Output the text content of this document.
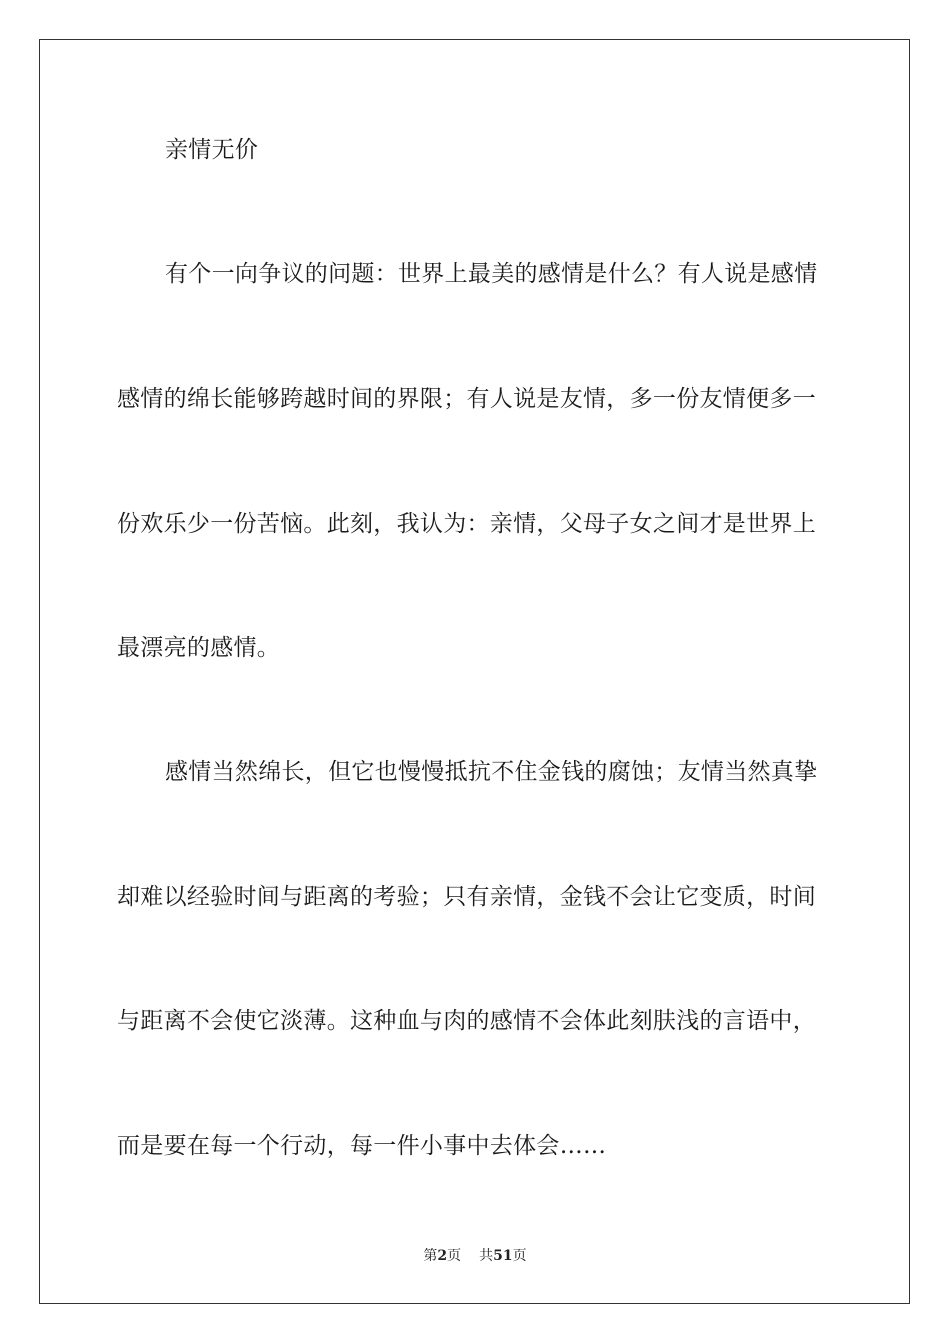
亲情无价
有个一向争议的问题：世界上最美的感情是什么？有人说是感情
感情的绵长能够跨越时间的界限；有人说是友情，多一份友情便多一
份欢乐少一份苦恼。此刻，我认为：亲情，父母子女之间才是世界上
最漂亮的感情。
感情当然绵长，但它也慢慢抵抗不住金钱的腐蚀；友情当然真挚
却难以经验时间与距离的考验；只有亲情，金钱不会让它变质，时间
与距离不会使它淡薄。这种血与肉的感情不会体此刻肤浅的言语中，
而是要在每一个行动，每一件小事中去体会……
第2页 共51页
